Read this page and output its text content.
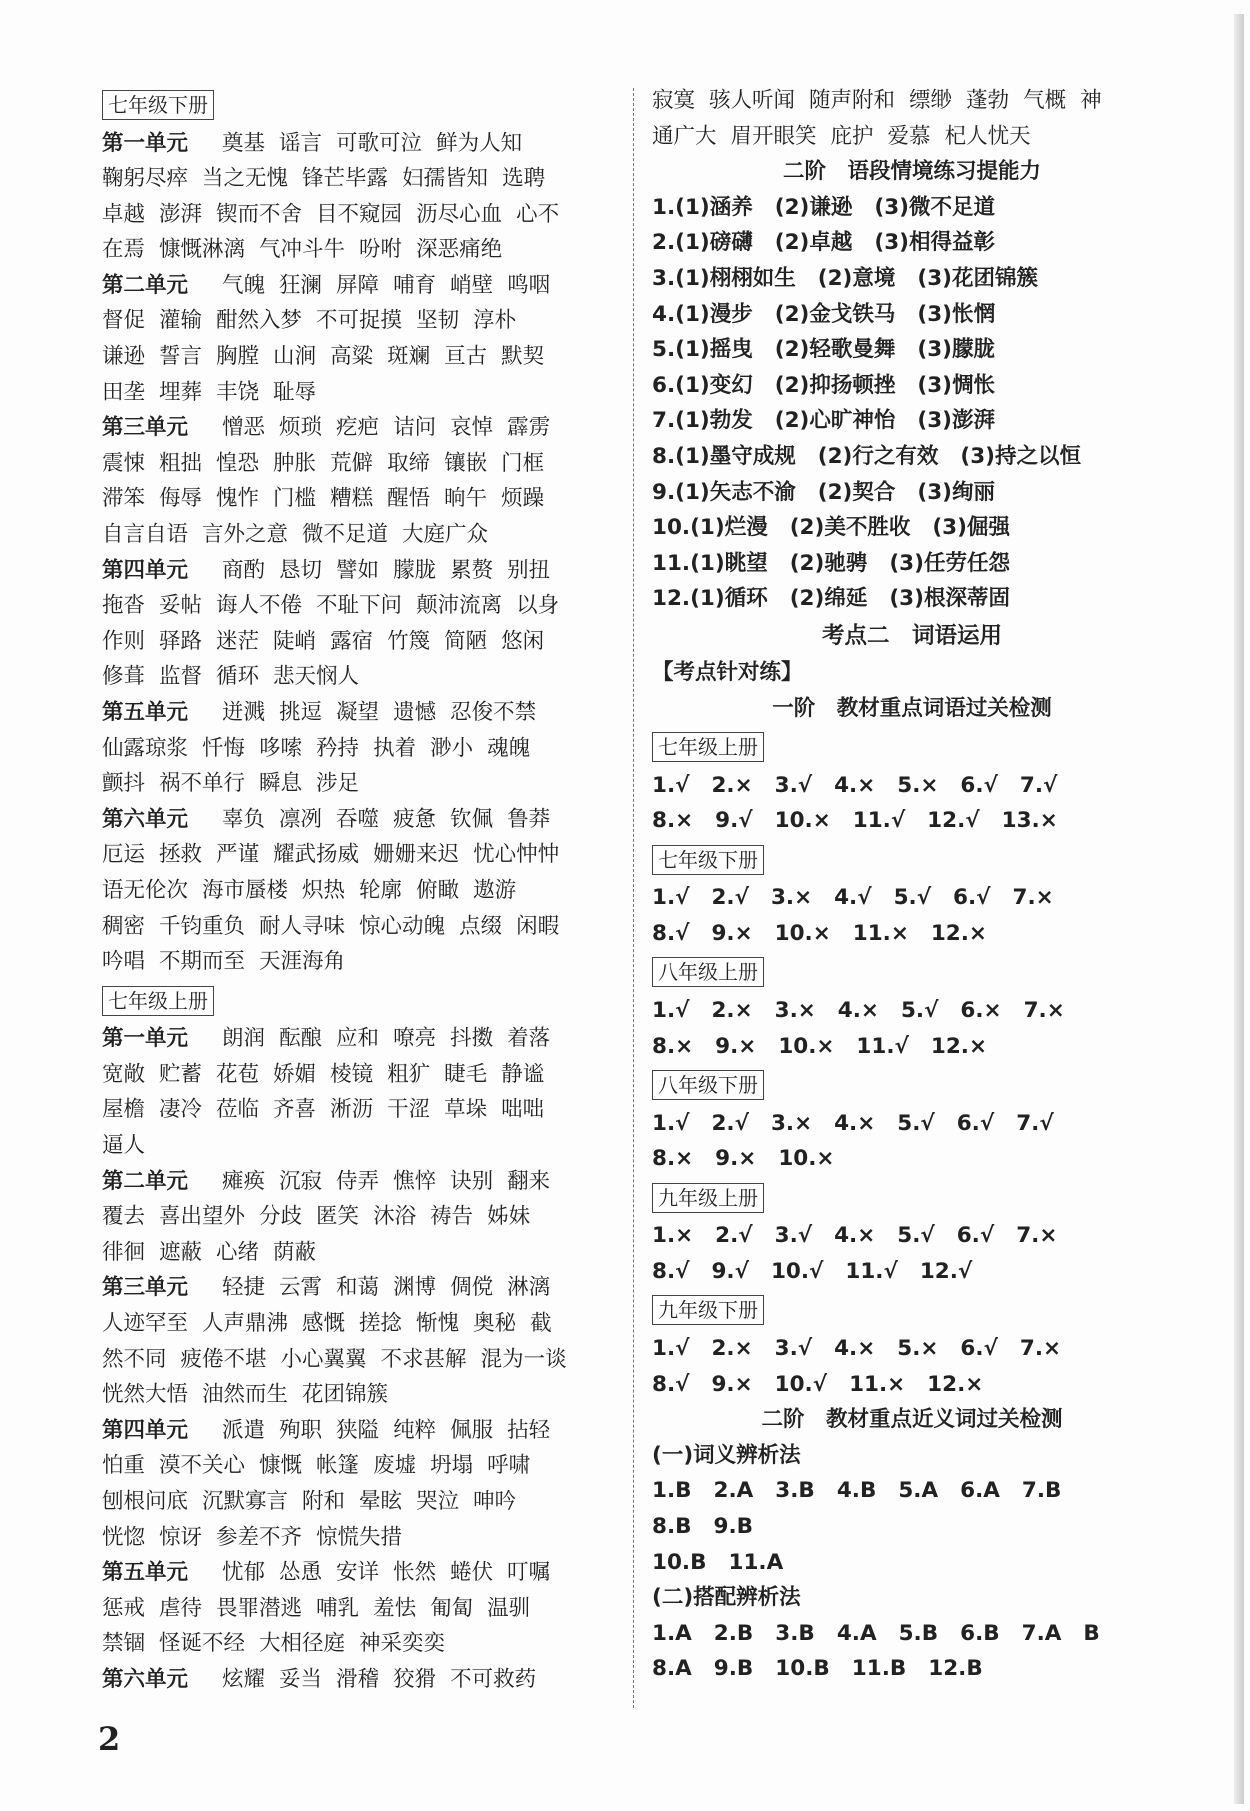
七年级下册
第一单元 奠基 谣言 可歌可泣 鲜为人知
鞠躬尽瘁 当之无愧 锋芒毕露 妇孺皆知 选聘
卓越 澎湃 锲而不舍 目不窥园 沥尽心血 心不
在焉 慷慨淋漓 气冲斗牛 吩咐 深恶痛绝
第二单元 气魄 狂澜 屏障 哺育 峭壁 鸣咽
督促 灌输 酣然入梦 不可捉摸 坚韧 淳朴
谦逊 誓言 胸膛 山涧 高粱 斑斓 亘古 默契
田垄 埋葬 丰饶 耻辱
第三单元 憎恶 烦琐 疙疤 诘问 哀悼 霹雳
震悚 粗拙 惶恐 肿胀 荒僻 取缔 镶嵌 门框
滞笨 侮辱 愧怍 门槛 糟糕 醒悟 晌午 烦躁
自言自语 言外之意 微不足道 大庭广众
第四单元 商酌 恳切 譬如 朦胧 累赘 别扭
拖沓 妥帖 诲人不倦 不耻下问 颠沛流离 以身
作则 驿路 迷茫 陡峭 露宿 竹篾 简陋 悠闲
修葺 监督 循环 悲天悯人
第五单元 迸溅 挑逗 凝望 遗憾 忍俊不禁
仙露琼浆 忏悔 哆嗦 矜持 执着 渺小 魂魄
颤抖 祸不单行 瞬息 涉足
第六单元 辜负 凛冽 吞噬 疲惫 钦佩 鲁莽
厄运 拯救 严谨 耀武扬威 姗姗来迟 忧心忡忡
语无伦次 海市蜃楼 炽热 轮廓 俯瞰 遨游
稠密 千钧重负 耐人寻味 惊心动魄 点缀 闲暇
吟唱 不期而至 天涯海角
七年级上册
第一单元 朗润 酝酿 应和 嘹亮 抖擞 着落
宽敞 贮蓄 花苞 娇媚 棱镜 粗犷 睫毛 静谧
屋檐 凄冷 莅临 齐喜 淅沥 干涩 草垛 咄咄
逼人
第二单元 瘫痪 沉寂 侍弄 憔悴 诀别 翻来
覆去 喜出望外 分歧 匿笑 沐浴 祷告 姊妹
徘徊 遮蔽 心绪 荫蔽
第三单元 轻捷 云霄 和蔼 渊博 倜傥 淋漓
人迹罕至 人声鼎沸 感慨 搓捻 惭愧 奥秘 截
然不同 疲倦不堪 小心翼翼 不求甚解 混为一谈
恍然大悟 油然而生 花团锦簇
第四单元 派遣 殉职 狭隘 纯粹 佩服 拈轻
怕重 漠不关心 慷慨 帐篷 废墟 坍塌 呼啸
刨根问底 沉默寡言 附和 晕眩 哭泣 呻吟
恍惚 惊讶 参差不齐 惊慌失措
第五单元 忧郁 怂恿 安详 怅然 蜷伏 叮嘱
惩戒 虐待 畏罪潜逃 哺乳 羞怯 匍匐 温驯
禁锢 怪诞不经 大相径庭 神采奕奕
第六单元 炫耀 妥当 滑稽 狡猾 不可救药
寂寞 骇人听闻 随声附和 缥缈 蓬勃 气概 神
通广大 眉开眼笑 庇护 爱慕 杞人忧天
二阶　语段情境练习提能力
1.(1)涵养 (2)谦逊 (3)微不足道
2.(1)磅礴 (2)卓越 (3)相得益彰
3.(1)栩栩如生 (2)意境 (3)花团锦簇
4.(1)漫步 (2)金戈铁马 (3)怅惘
5.(1)摇曳 (2)轻歌曼舞 (3)朦胧
6.(1)变幻 (2)抑扬顿挫 (3)惆怅
7.(1)勃发 (2)心旷神怡 (3)澎湃
8.(1)墨守成规 (2)行之有效 (3)持之以恒
9.(1)矢志不渝 (2)契合 (3)绚丽
10.(1)烂漫 (2)美不胜收 (3)倔强
11.(1)眺望 (2)驰骋 (3)任劳任怨
12.(1)循环 (2)绵延 (3)根深蒂固
考点二　词语运用
【考点针对练】
一阶　教材重点词语过关检测
七年级上册
1.√ 2.× 3.√ 4.× 5.× 6.√ 7.√
8.× 9.√ 10.× 11.√ 12.√ 13.×
七年级下册
1.√ 2.√ 3.× 4.√ 5.√ 6.√ 7.×
8.√ 9.× 10.× 11.× 12.×
八年级上册
1.√ 2.× 3.× 4.× 5.√ 6.× 7.×
8.× 9.× 10.× 11.√ 12.×
八年级下册
1.√ 2.√ 3.× 4.× 5.√ 6.√ 7.√
8.× 9.× 10.×
九年级上册
1.× 2.√ 3.√ 4.× 5.√ 6.√ 7.×
8.√ 9.√ 10.√ 11.√ 12.√
九年级下册
1.√ 2.× 3.√ 4.× 5.× 6.√ 7.×
8.√ 9.× 10.√ 11.× 12.×
二阶　教材重点近义词过关检测
(一)词义辨析法
1.B 2.A 3.B 4.B 5.A 6.A 7.B
8.B 9.B
10.B 11.A
(二)搭配辨析法
1.A 2.B 3.B 4.A 5.B 6.B 7.A B
8.A 9.B 10.B 11.B 12.B
2
